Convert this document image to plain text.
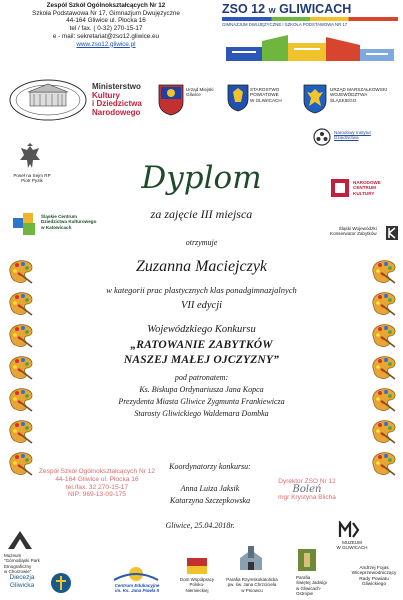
Zespół Szkół Ogólnokształcących Nr 12
Szkoła Podstawowa Nr 17, Gimnazjum Dwujęzyczne
44-164 Gliwice ul. Płocka 16
tel / fax. ( 0-32) 270-15-17
e - mail: sekretariat@zso12.gliwice.eu
www.zso12.gliwice.pl
ZSO 12 w GLIWICACH
GIMNAZJUM DWUJĘZYCZNE I SZKOŁA PODSTAWOWA NR 17
Ministerstwo
Kultury
i Dziedzictwa
Narodowego
Urząd Miejski
Gliwice
STAROSTWO
POWIATOWE
W GLIWICACH
URZĄD MARSZAŁKOWSKI
WOJEWÓDZTWA
ŚLĄSKIEGO
Narodowy Instytut
Dziedzictwa
Poseł na Sejm RP
Piotr Pyzik	NARODOWE
CENTRUM
KULTURY
Śląskie Centrum
Dziedzictwa Kulturowego
w Katowicach	Śląski Wojewódzki
Konserwator Zabytków
Dyplom
za zajęcie III miejsca
otrzymuje
Zuzanna Maciejczyk
w kategorii prac plastycznych klas ponadgimnazjalnych
VII edycji
Wojewódzkiego Konkursu
„RATOWANIE ZABYTKÓW
NASZEJ MAŁEJ OJCZYZNY”
pod patronatem:
Ks. Biskupa Ordynariusza Jana Kopca
Prezydenta Miasta Gliwice Zygmunta Frankiewicza
Starosty Gliwickiego Waldemara Dombka
Zespół Szkół Ogólnokształcących Nr 12
44-164 Gliwice ul. Płocka 16
tel./fax. 32 270-15-17
NIP: 969-13-09-175
Koordynatorzy konkursu:
Anna Luiza Jaksik
Katarzyna Szczepkowska
Dyrektor ZSO Nr 12
Boleń
mgr Krystyna Blicha
Gliwice, 25.04.2018r.
Muzeum
"Górnośląski Park
Etnograficzny
w Chorzowie"
Diecezja
Gliwicka	Centrum Edukacyjne
im. Ks. Jana Pawła II
Dom Współpracy
Polsko-
Niemieckiej
Parafia Rzymskokatolicka
pw. św. Jana Chrzciciela
w Pniowcu
Parafia
Świętej Jadwigi
w Gliwicach-
Ostropie
MUZEUM
W GLIWICACH
Andrzej Fojas
Wiceprzewodniczący
Rady Powiatu
Gliwickiego
